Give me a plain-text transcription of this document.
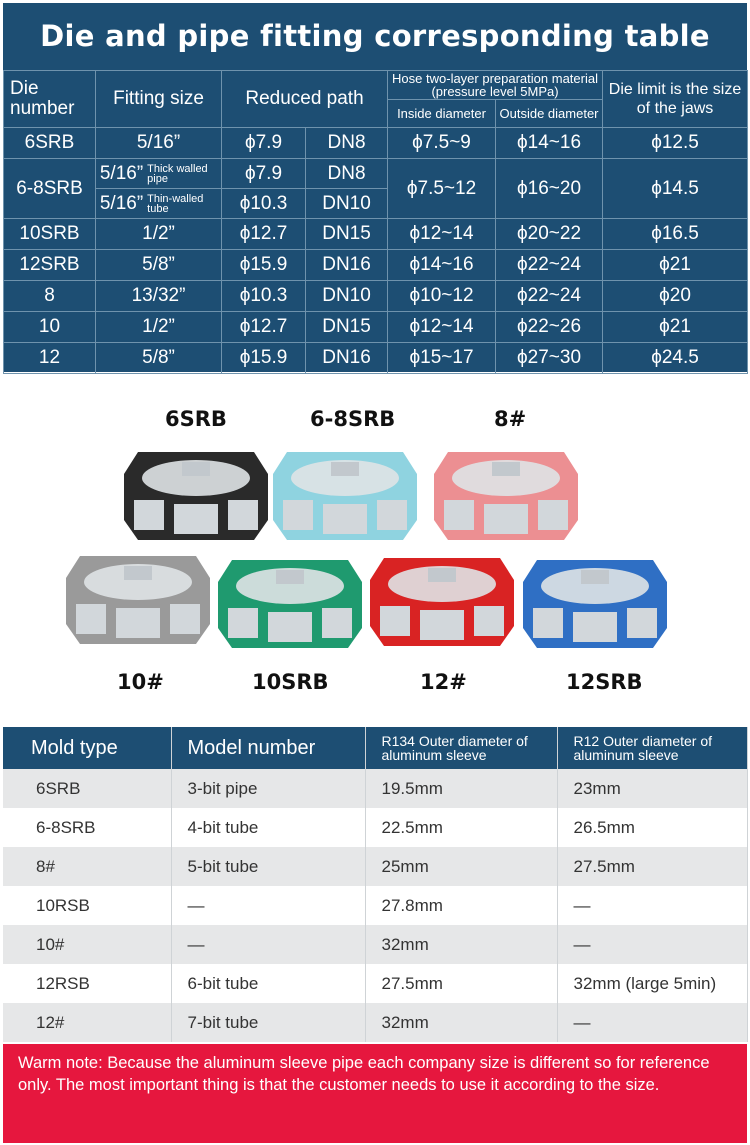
Die and pipe fitting corresponding table
Die number	Fitting size	Reduced path		Hose two-layer preparation material (pressure level 5MPa)		Die limit is the size of the jaws
				Inside diameter	Outside diameter	
6SRB	5/16”	ϕ7.9	DN8	ϕ7.5~9	ϕ14~16	ϕ12.5
6-8SRB	5/16” Thick walled pipe	ϕ7.9	DN8	ϕ7.5~12	ϕ16~20	ϕ14.5

	5/16” Thin-walled tube	ϕ10.3	DN10			
10SRB	1/2”	ϕ12.7	DN15	ϕ12~14	ϕ20~22	ϕ16.5
12SRB	5/8”	ϕ15.9	DN16	ϕ14~16	ϕ22~24	ϕ21
8	13/32”	ϕ10.3	DN10	ϕ10~12	ϕ22~24	ϕ20
10	1/2”	ϕ12.7	DN15	ϕ12~14	ϕ22~26	ϕ21
12	5/8”	ϕ15.9	DN16	ϕ15~17	ϕ27~30	ϕ24.5
6SRB	6-8SRB	8#
10#	10SRB	12#	12SRB
Mold type	Model number	R134 Outer diameter of aluminum sleeve	R12 Outer diameter of aluminum sleeve
6SRB	3-bit pipe	19.5mm	23mm
6-8SRB	4-bit tube	22.5mm	26.5mm
8#	5-bit tube	25mm	27.5mm
10RSB	—	27.8mm	—
10#	—	32mm	—
12RSB	6-bit tube	27.5mm	32mm (large 5min)
12#	7-bit tube	32mm	—
Warm note: Because the aluminum sleeve pipe each company size is different so for reference only. The most important thing is that the customer needs to use it according to the size.
